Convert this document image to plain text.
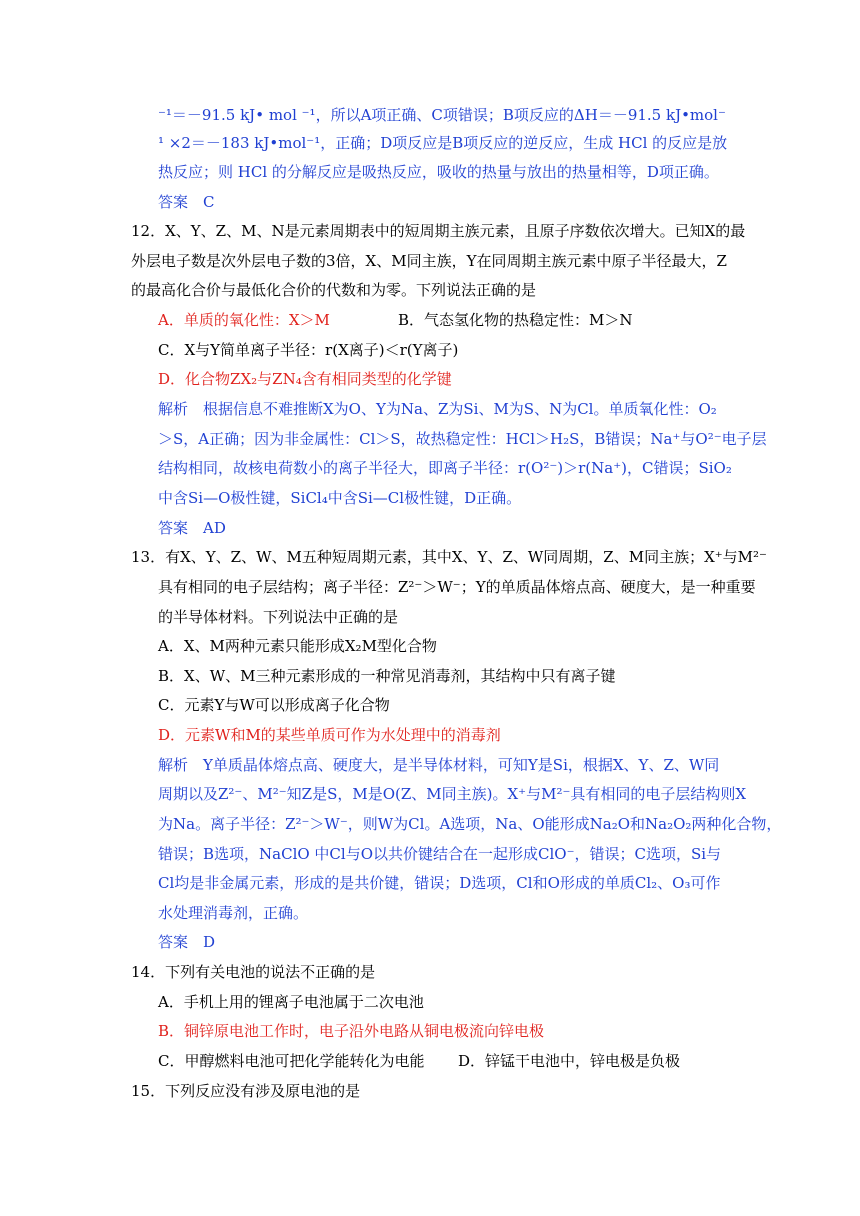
⁻¹＝－91.5 kJ• mol ⁻¹，所以A项正确、C项错误；B项反应的ΔH＝－91.5 kJ•mol⁻
¹ ×2＝－183 kJ•mol⁻¹，正确；D项反应是B项反应的逆反应，生成 HCl 的反应是放
热反应；则 HCl 的分解反应是吸热反应，吸收的热量与放出的热量相等，D项正确。
答案　C
12．X、Y、Z、M、N是元素周期表中的短周期主族元素，且原子序数依次增大。已知X的最
外层电子数是次外层电子数的3倍，X、M同主族，Y在同周期主族元素中原子半径最大，Z
的最高化合价与最低化合价的代数和为零。下列说法正确的是
A．单质的氧化性：X＞M	B．气态氢化物的热稳定性：M＞N
C．X与Y简单离子半径：r(X离子)＜r(Y离子)
D．化合物ZX₂与ZN₄含有相同类型的化学键
解析　根据信息不难推断X为O、Y为Na、Z为Si、M为S、N为Cl。单质氧化性：O₂
＞S，A正确；因为非金属性：Cl＞S，故热稳定性：HCl＞H₂S，B错误；Na⁺与O²⁻电子层
结构相同，故核电荷数小的离子半径大，即离子半径：r(O²⁻)＞r(Na⁺)，C错误；SiO₂
中含Si—O极性键，SiCl₄中含Si—Cl极性键，D正确。
答案　AD
13．有X、Y、Z、W、M五种短周期元素，其中X、Y、Z、W同周期，Z、M同主族；X⁺与M²⁻
具有相同的电子层结构；离子半径：Z²⁻＞W⁻；Y的单质晶体熔点高、硬度大，是一种重要
的半导体材料。下列说法中正确的是
A．X、M两种元素只能形成X₂M型化合物
B．X、W、M三种元素形成的一种常见消毒剂，其结构中只有离子键
C．元素Y与W可以形成离子化合物
D．元素W和M的某些单质可作为水处理中的消毒剂
解析　Y单质晶体熔点高、硬度大，是半导体材料，可知Y是Si，根据X、Y、Z、W同
周期以及Z²⁻、M²⁻知Z是S，M是O(Z、M同主族)。X⁺与M²⁻具有相同的电子层结构则X
为Na。离子半径：Z²⁻＞W⁻，则W为Cl。A选项，Na、O能形成Na₂O和Na₂O₂两种化合物，
错误；B选项，NaClO 中Cl与O以共价键结合在一起形成ClO⁻，错误；C选项，Si与
Cl均是非金属元素，形成的是共价键，错误；D选项，Cl和O形成的单质Cl₂、O₃可作
水处理消毒剂，正确。
答案　D
14．下列有关电池的说法不正确的是
A．手机上用的锂离子电池属于二次电池
B．铜锌原电池工作时，电子沿外电路从铜电极流向锌电极
C．甲醇燃料电池可把化学能转化为电能 D．锌锰干电池中，锌电极是负极
15．下列反应没有涉及原电池的是
